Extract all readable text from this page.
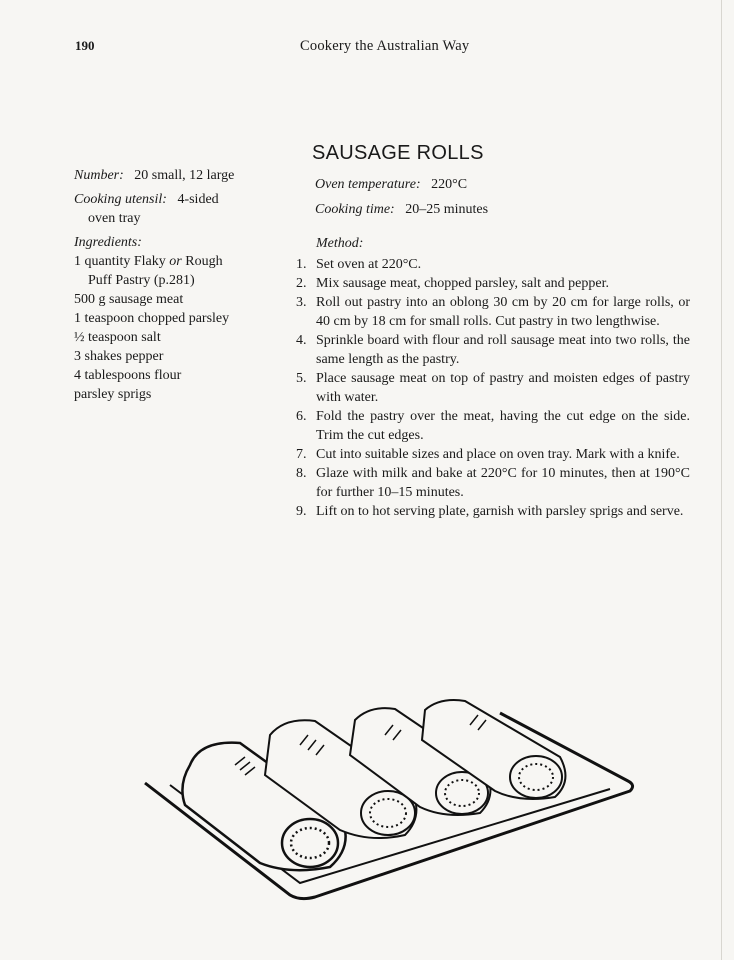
190	Cookery the Australian Way
SAUSAGE ROLLS
Number: 20 small, 12 large
Cooking utensil: 4-sided
oven tray
Ingredients:
1 quantity Flaky or Rough
Puff Pastry (p.281)
500 g sausage meat
1 teaspoon chopped parsley
½ teaspoon salt
3 shakes pepper
4 tablespoons flour
parsley sprigs
Oven temperature: 220°C
Cooking time: 20–25 minutes
Method:
1. Set oven at 220°C.
2. Mix sausage meat, chopped parsley, salt and pepper.
3. Roll out pastry into an oblong 30 cm by 20 cm for large rolls, or 40 cm by 18 cm for small rolls. Cut pastry in two lengthwise.
4. Sprinkle board with flour and roll sausage meat into two rolls, the same length as the pastry.
5. Place sausage meat on top of pastry and moisten edges of pastry with water.
6. Fold the pastry over the meat, having the cut edge on the side. Trim the cut edges.
7. Cut into suitable sizes and place on oven tray. Mark with a knife.
8. Glaze with milk and bake at 220°C for 10 minutes, then at 190°C for further 10–15 minutes.
9. Lift on to hot serving plate, garnish with parsley sprigs and serve.
